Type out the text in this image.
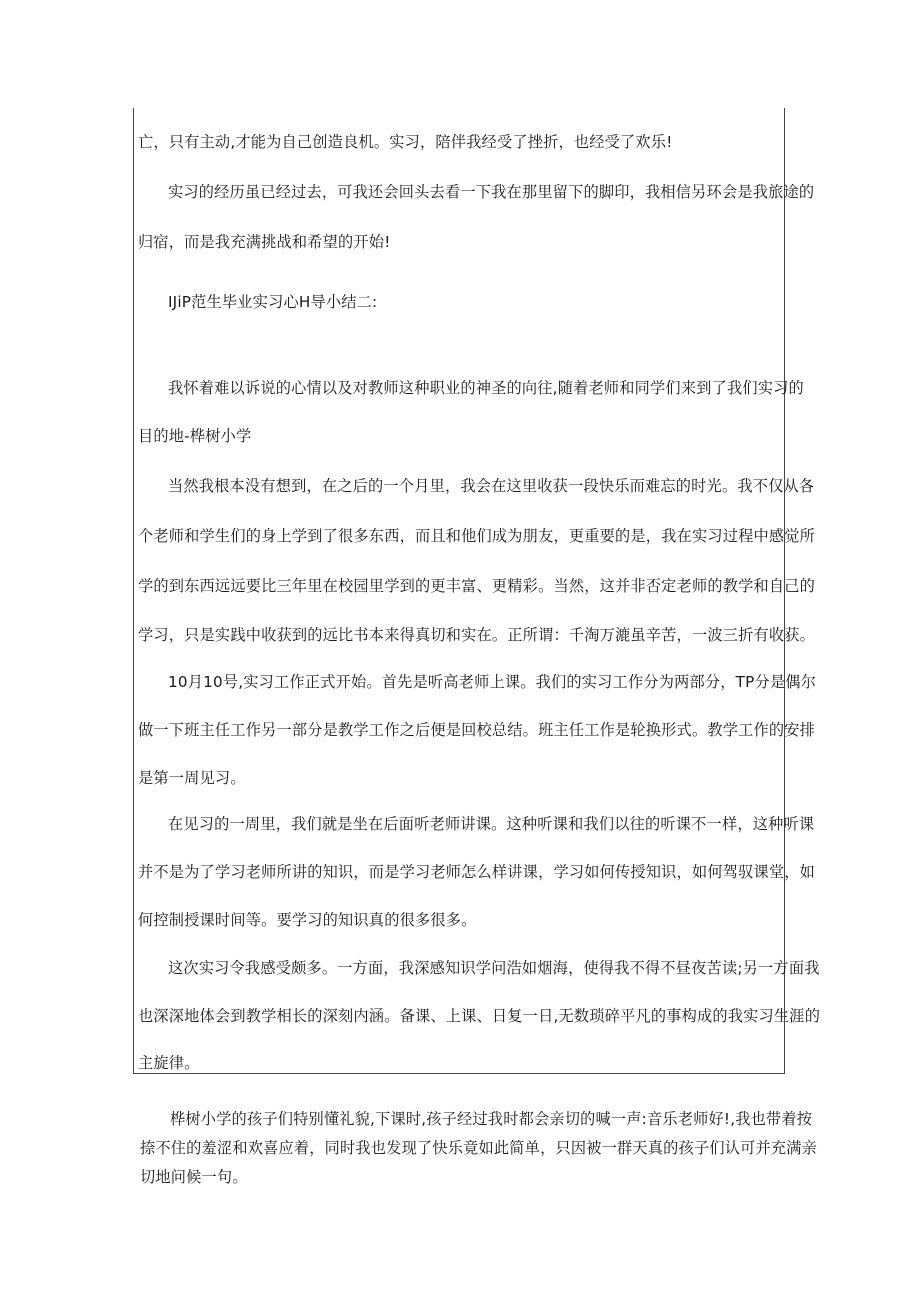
亡，只有主动,才能为自己创造良机。实习，陪伴我经受了挫折，也经受了欢乐!
实习的经历虽已经过去，可我还会回头去看一下我在那里留下的脚印，我相信另环会是我旅途的
归宿，而是我充满挑战和希望的开始!
IJiP范生毕业实习心H导小结二:
我怀着难以诉说的心情以及对教师这种职业的神圣的向往,随着老师和同学们来到了我们实习的
目的地-桦树小学
当然我根本没有想到，在之后的一个月里，我会在这里收获一段快乐而难忘的时光。我不仅从各
个老师和学生们的身上学到了很多东西，而且和他们成为朋友，更重要的是，我在实习过程中感觉所
学的到东西远远要比三年里在校园里学到的更丰富、更精彩。当然，这并非否定老师的教学和自己的
学习，只是实践中收获到的远比书本来得真切和实在。正所谓：千淘万漉虽辛苦，一波三折有收获。
10月10号,实习工作正式开始。首先是听高老师上课。我们的实习工作分为两部分，TP分是偶尔
做一下班主任工作另一部分是教学工作之后便是回校总结。班主任工作是轮换形式。教学工作的安排
是第一周见习。
在见习的一周里，我们就是坐在后面听老师讲课。这种听课和我们以往的听课不一样，这种听课
并不是为了学习老师所讲的知识，而是学习老师怎么样讲课，学习如何传授知识，如何驾驭课堂，如
何控制授课时间等。要学习的知识真的很多很多。
这次实习令我感受颇多。一方面，我深感知识学问浩如烟海，使得我不得不昼夜苦读;另一方面我
也深深地体会到教学相长的深刻内涵。备课、上课、日复一日,无数琐碎平凡的事构成的我实习生涯的
主旋律。
桦树小学的孩子们特别懂礼貌,下课时,孩子经过我时都会亲切的喊一声:音乐老师好!,我也带着按
捺不住的羞涩和欢喜应着，同时我也发现了快乐竟如此简单，只因被一群天真的孩子们认可并充满亲
切地问候一句。
